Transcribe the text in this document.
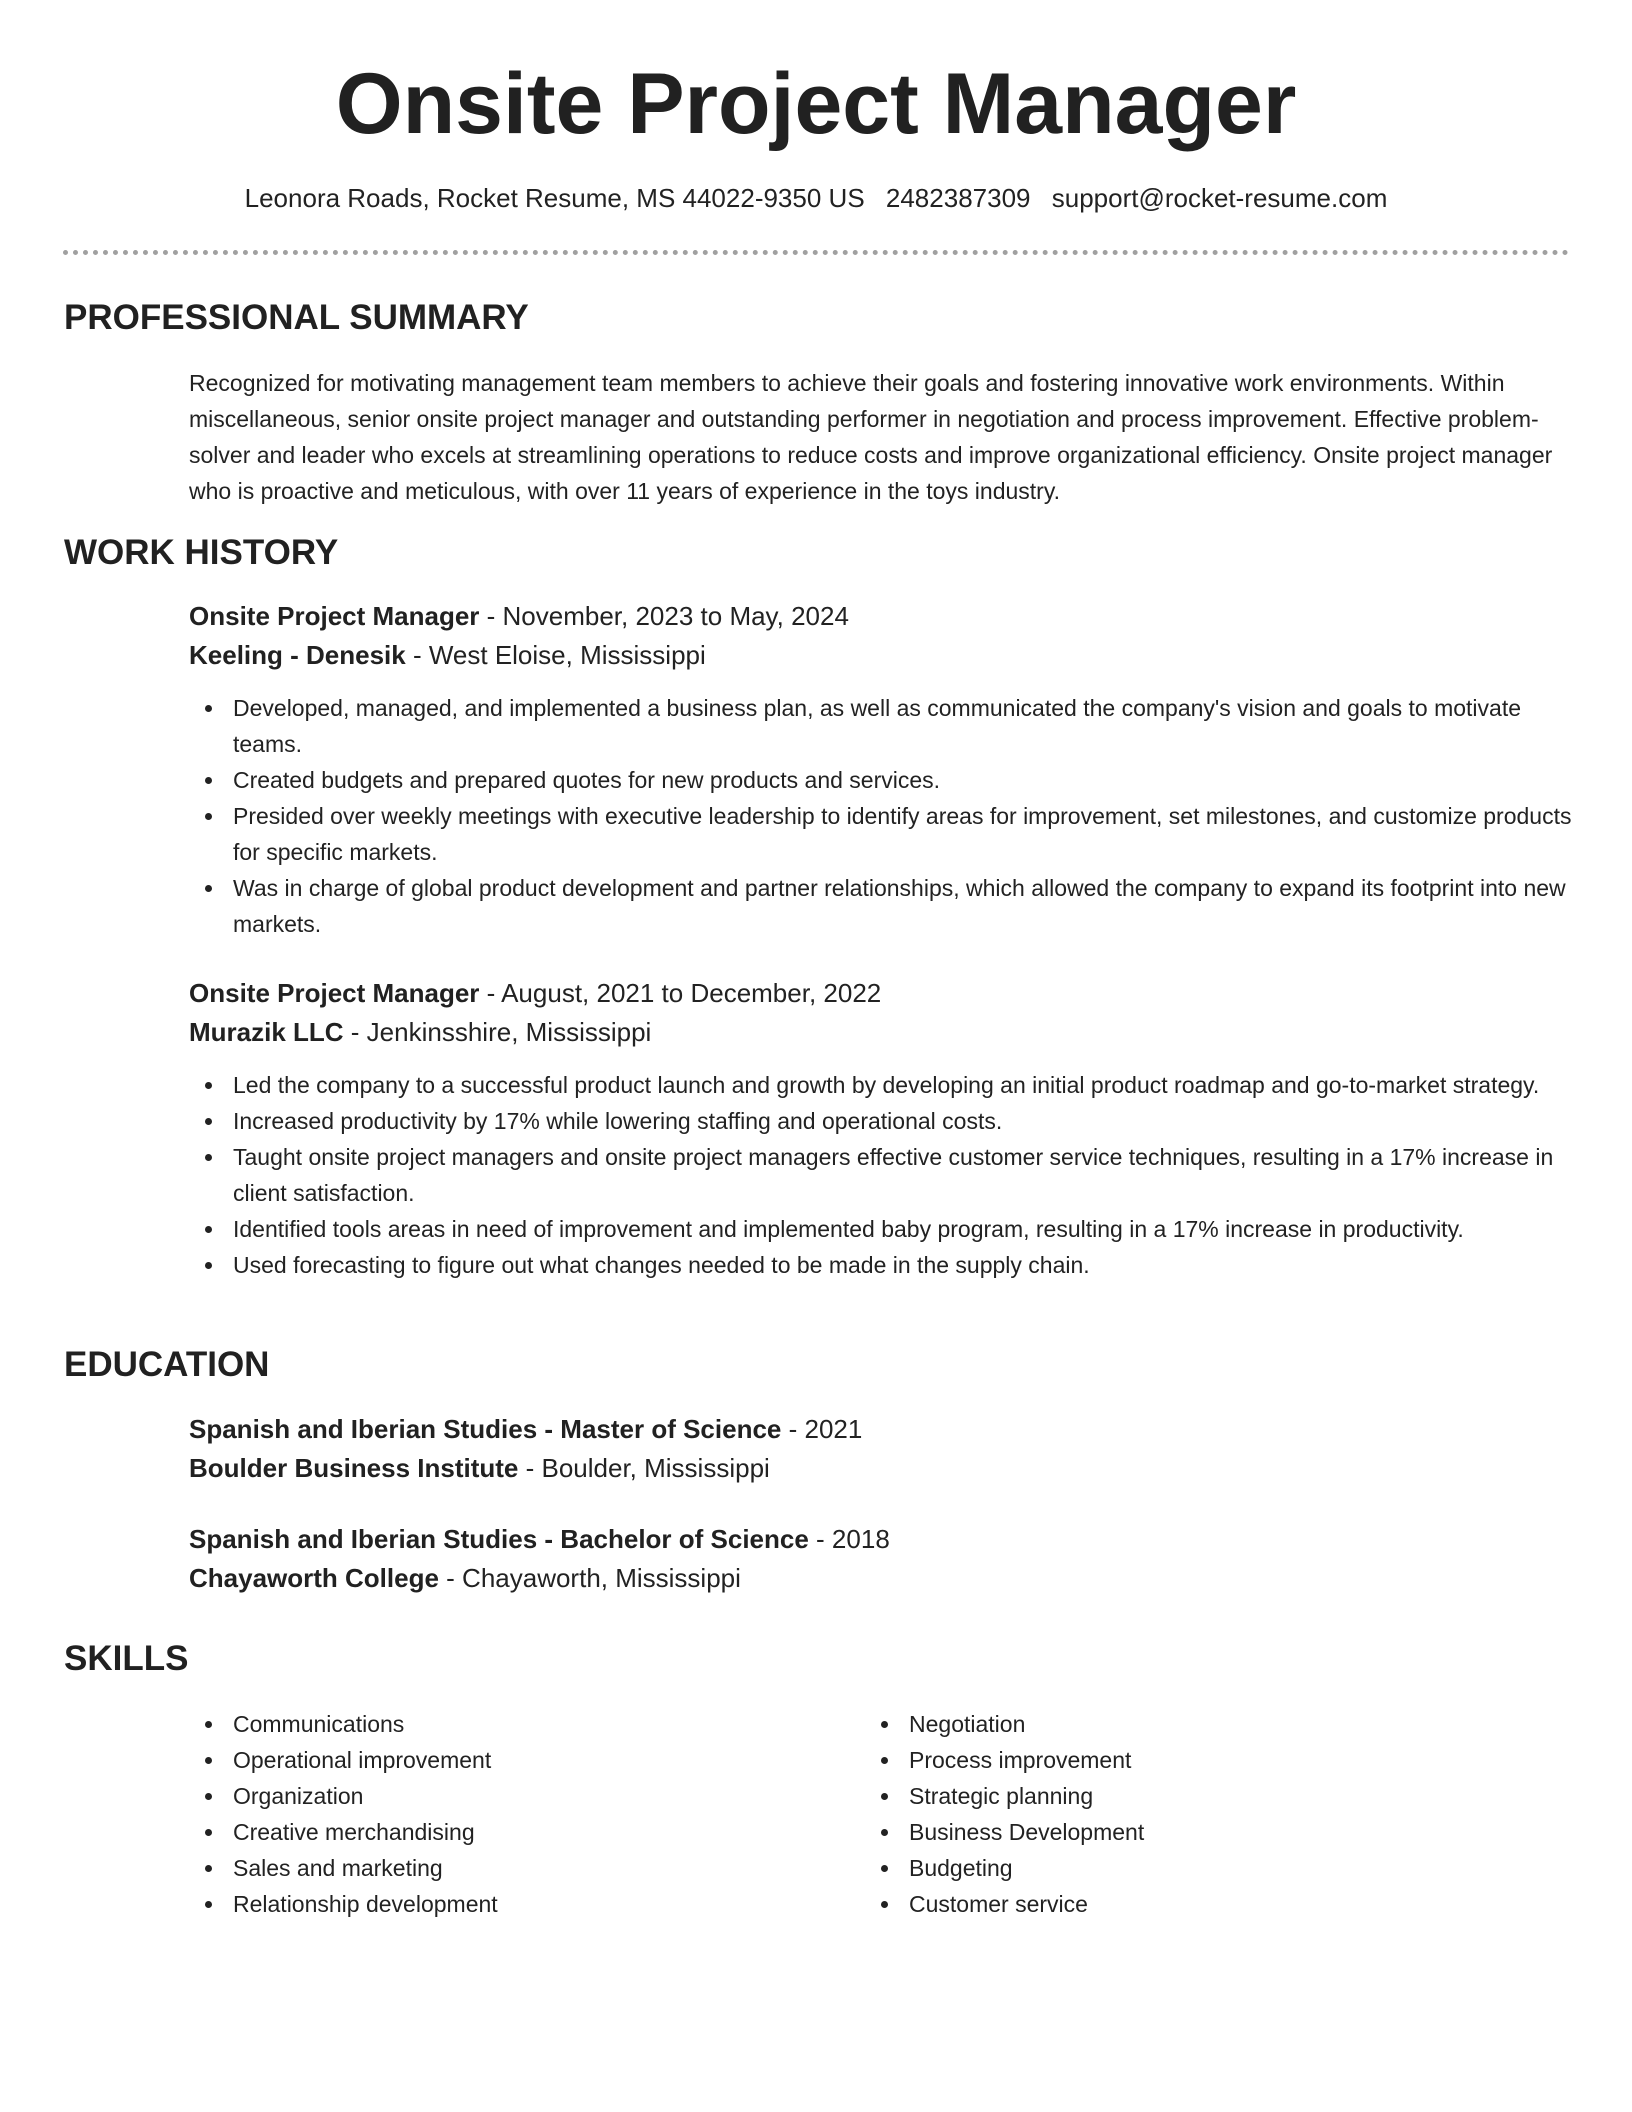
Onsite Project Manager
Leonora Roads, Rocket Resume, MS 44022-9350 US 2482387309 support@rocket-resume.com
PROFESSIONAL SUMMARY

Recognized for motivating management team members to achieve their goals and fostering innovative work environments. Within miscellaneous, senior onsite project manager and outstanding performer in negotiation and process improvement. Effective problem-solver and leader who excels at streamlining operations to reduce costs and improve organizational efficiency. Onsite project manager who is proactive and meticulous, with over 11 years of experience in the toys industry.

WORK HISTORY

Onsite Project Manager - November, 2023 to May, 2024

Keeling - Denesik - West Eloise, Mississippi

Developed, managed, and implemented a business plan, as well as communicated the company's vision and goals to motivate teams.
Created budgets and prepared quotes for new products and services.
Presided over weekly meetings with executive leadership to identify areas for improvement, set milestones, and customize products for specific markets.
Was in charge of global product development and partner relationships, which allowed the company to expand its footprint into new markets.

Onsite Project Manager - August, 2021 to December, 2022

Murazik LLC - Jenkinsshire, Mississippi

Led the company to a successful product launch and growth by developing an initial product roadmap and go-to-market strategy.
Increased productivity by 17% while lowering staffing and operational costs.
Taught onsite project managers and onsite project managers effective customer service techniques, resulting in a 17% increase in client satisfaction.
Identified tools areas in need of improvement and implemented baby program, resulting in a 17% increase in productivity.
Used forecasting to figure out what changes needed to be made in the supply chain.
EDUCATION

Spanish and Iberian Studies - Master of Science - 2021

Boulder Business Institute - Boulder, Mississippi

Spanish and Iberian Studies - Bachelor of Science - 2018

Chayaworth College - Chayaworth, Mississippi

SKILLS
Communications
Operational improvement
Organization
Creative merchandising
Sales and marketing
Relationship development
Negotiation
Process improvement
Strategic planning
Business Development
Budgeting
Customer service
